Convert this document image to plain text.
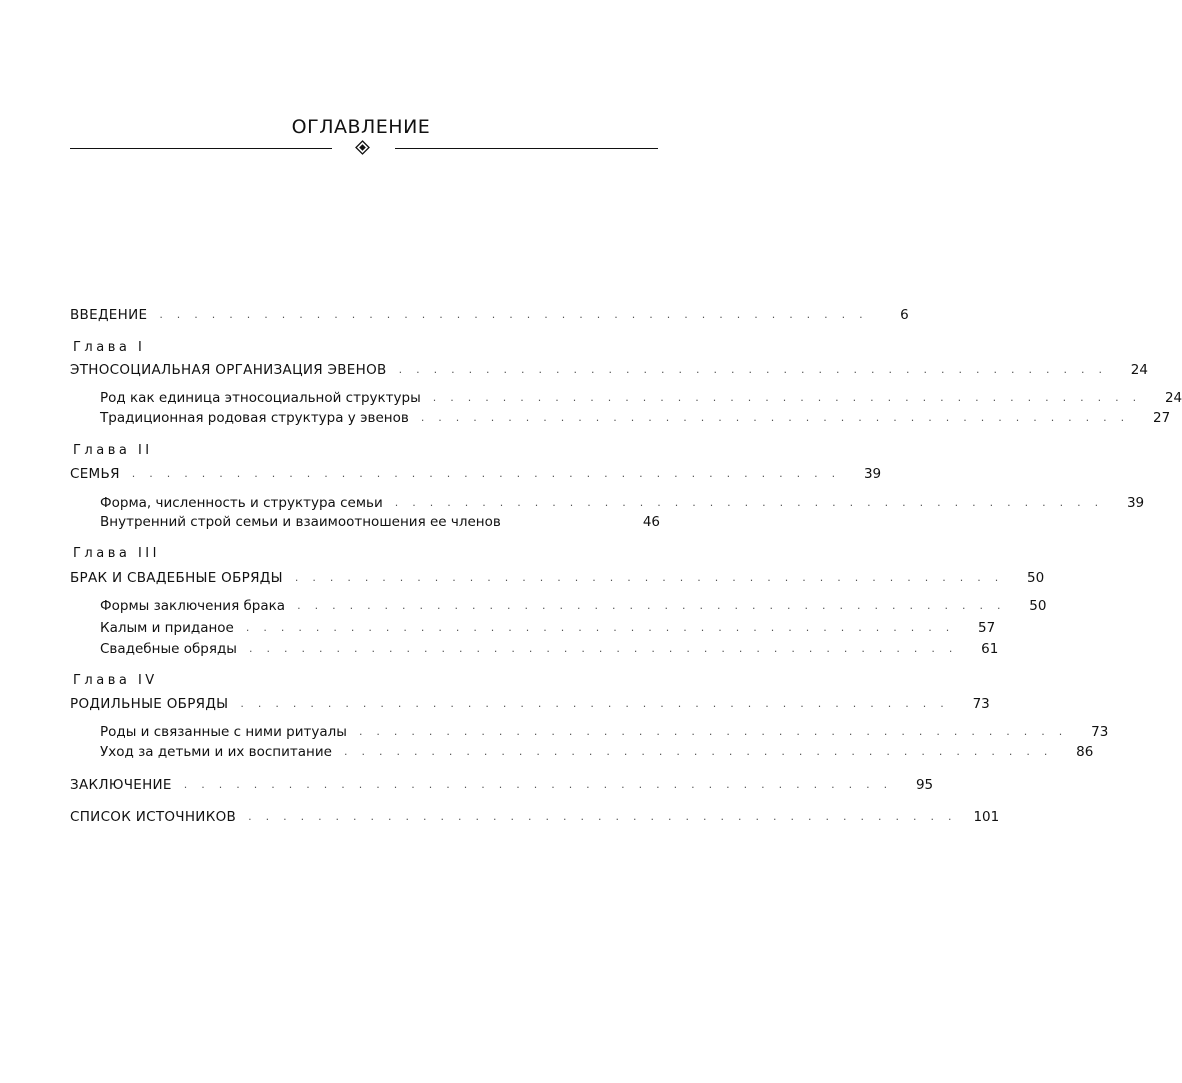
ОГЛАВЛЕНИЕ
ВВЕДЕНИЕ .........................................	6
Глава I
ЭТНОСОЦИАЛЬНАЯ ОРГАНИЗАЦИЯ ЭВЕНОВ .........................................	24
Род как единица этносоциальной структуры .........................................	24
Традиционная родовая структура у эвенов .........................................	27
Глава II
СЕМЬЯ .........................................	39
Форма, численность и структура семьи .........................................	39
Внутренний строй семьи и взаимоотношения ее членов	46
Глава III
БРАК И СВАДЕБНЫЕ ОБРЯДЫ .........................................	50
Формы заключения брака .........................................	50
Калым и приданое .........................................	57
Свадебные обряды .........................................	61
Глава IV
РОДИЛЬНЫЕ ОБРЯДЫ .........................................	73
Роды и связанные с ними ритуалы .........................................	73
Уход за детьми и их воспитание .........................................	86
ЗАКЛЮЧЕНИЕ .........................................	95
СПИСОК ИСТОЧНИКОВ ......................................... 101
